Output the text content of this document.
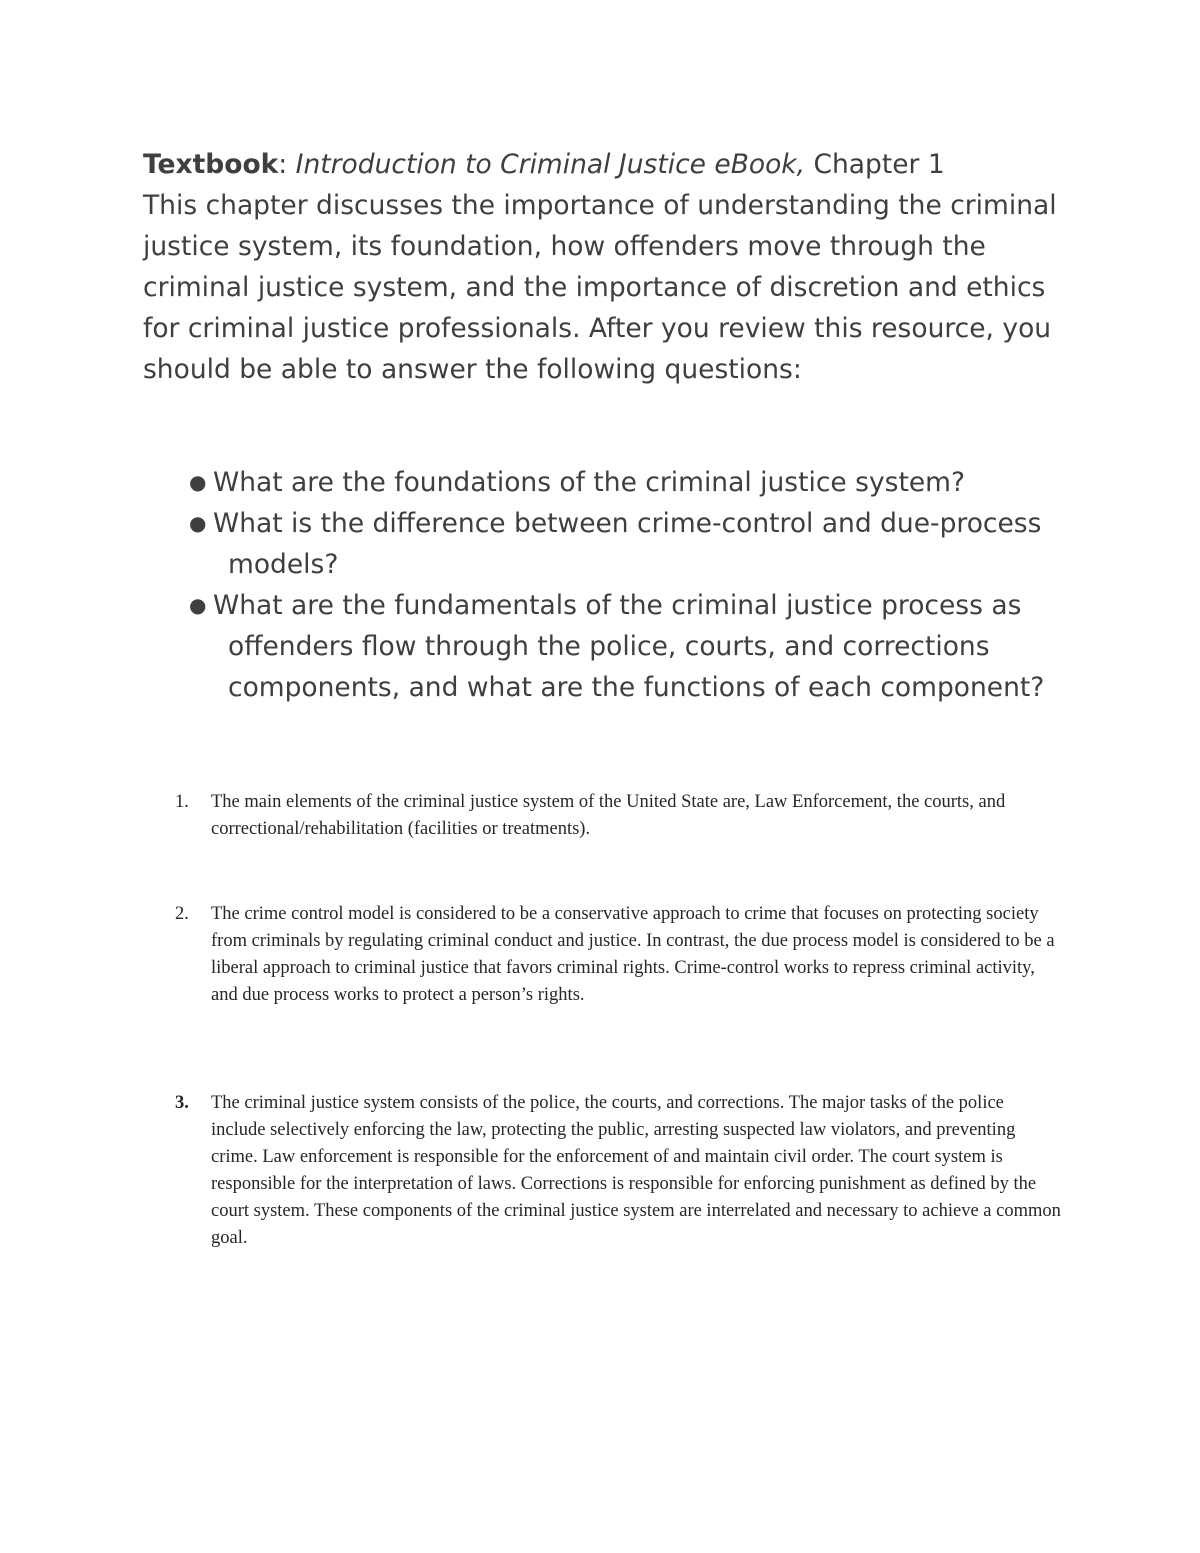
Textbook: Introduction to Criminal Justice eBook, Chapter 1
This chapter discusses the importance of understanding the criminal justice system, its foundation, how offenders move through the criminal justice system, and the importance of discretion and ethics for criminal justice professionals. After you review this resource, you should be able to answer the following questions:
● What are the foundations of the criminal justice system?
● What is the difference between crime-control and due-process models?
● What are the fundamentals of the criminal justice process as offenders flow through the police, courts, and corrections components, and what are the functions of each component?
1.	The main elements of the criminal justice system of the United State are, Law Enforcement, the courts, and correctional/rehabilitation (facilities or treatments).
2.	The crime control model is considered to be a conservative approach to crime that focuses on protecting society from criminals by regulating criminal conduct and justice. In contrast, the due process model is considered to be a liberal approach to criminal justice that favors criminal rights. Crime-control works to repress criminal activity, and due process works to protect a person’s rights.
3.	The criminal justice system consists of the police, the courts, and corrections. The major tasks of the police include selectively enforcing the law, protecting the public, arresting suspected law violators, and preventing crime. Law enforcement is responsible for the enforcement of and maintain civil order. The court system is responsible for the interpretation of laws. Corrections is responsible for enforcing punishment as defined by the court system. These components of the criminal justice system are interrelated and necessary to achieve a common goal.
